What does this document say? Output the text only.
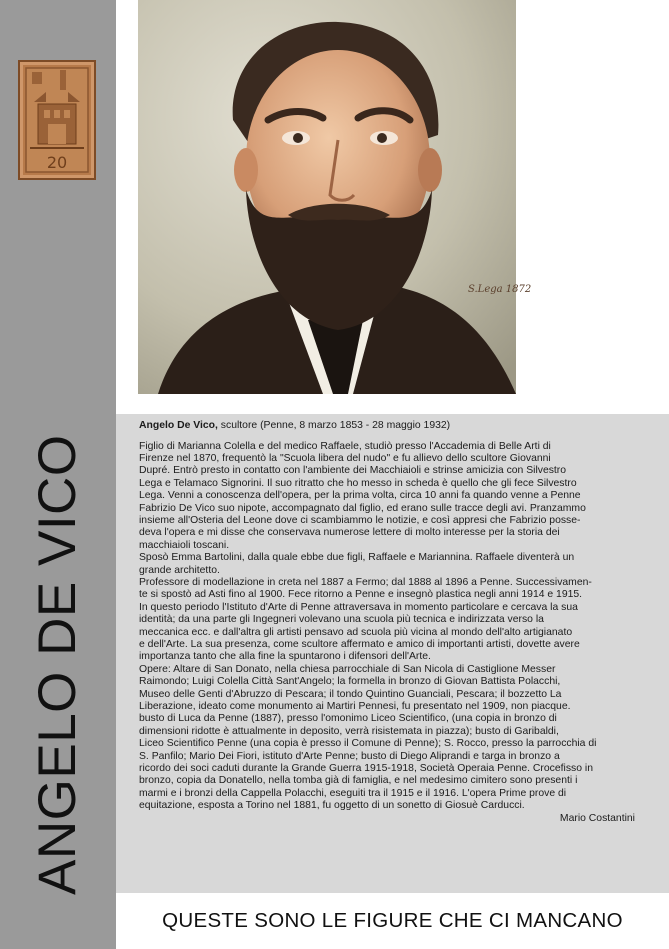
20
ANGELO DE VICO
S.Lega 1872
Angelo De Vico, scultore (Penne, 8 marzo 1853 - 28 maggio 1932)
Figlio di Marianna Colella e del medico Raffaele, studiò presso l'Accademia di Belle Arti di
Firenze nel 1870, frequentò la "Scuola libera del nudo" e fu allievo dello scultore Giovanni
Dupré. Entrò presto in contatto con l'ambiente dei Macchiaioli e strinse amicizia con Silvestro
Lega e Telamaco Signorini. Il suo ritratto che ho messo in scheda è quello che gli fece Silvestro
Lega. Venni a conoscenza dell'opera, per la prima volta, circa 10 anni fa quando venne a Penne
Fabrizio De Vico suo nipote, accompagnato dal figlio, ed erano sulle tracce degli avi. Pranzammo
insieme all'Osteria del Leone dove ci scambiammo le notizie, e così appresi che Fabrizio posse-
deva l'opera e mi disse che conservava numerose lettere di molto interesse per la storia dei
macchiaioli toscani.
Sposò Emma Bartolini, dalla quale ebbe due figli, Raffaele e Mariannina. Raffaele diventerà un
grande architetto.
Professore di modellazione in creta nel 1887 a Fermo; dal 1888 al 1896 a Penne. Successivamen-
te si spostò ad Asti fino al 1900. Fece ritorno a Penne e insegnò plastica negli anni 1914 e 1915.
In questo periodo l'Istituto d'Arte di Penne attraversava in momento particolare e cercava la sua
identità; da una parte gli Ingegneri volevano una scuola più tecnica e indirizzata verso la
meccanica ecc. e dall'altra gli artisti pensavo ad scuola più vicina al mondo dell'alto artigianato
e dell'Arte. La sua presenza, come scultore affermato e amico di importanti artisti, dovette avere
importanza tanto che alla fine la spuntarono i difensori dell'Arte.
Opere: Altare di San Donato, nella chiesa parrocchiale di San Nicola di Castiglione Messer
Raimondo; Luigi Colella Città Sant'Angelo; la formella in bronzo di Giovan Battista Polacchi,
Museo delle Genti d'Abruzzo di Pescara; il tondo Quintino Guanciali, Pescara; il bozzetto La
Liberazione, ideato come monumento ai Martiri Pennesi, fu presentato nel 1909, non piacque.
busto di Luca da Penne (1887), presso l'omonimo Liceo Scientifico, (una copia in bronzo di
dimensioni ridotte è attualmente in deposito, verrà risistemata in piazza); busto di Garibaldi,
Liceo Scientifico Penne (una copia è presso il Comune di Penne); S. Rocco, presso la parrocchia di
S. Panfilo; Mario Dei Fiori, istituto d'Arte Penne; busto di Diego Aliprandi e targa in bronzo a
ricordo dei soci caduti durante la Grande Guerra 1915-1918, Società Operaia Penne. Crocefisso in
bronzo, copia da Donatello, nella tomba già di famiglia, e nel medesimo cimitero sono presenti i
marmi e i bronzi della Cappella Polacchi, eseguiti tra il 1915 e il 1916. L'opera Prime prove di
equitazione, esposta a Torino nel 1881, fu oggetto di un sonetto di Giosuè Carducci.
Mario Costantini
QUESTE SONO LE FIGURE CHE CI MANCANO
